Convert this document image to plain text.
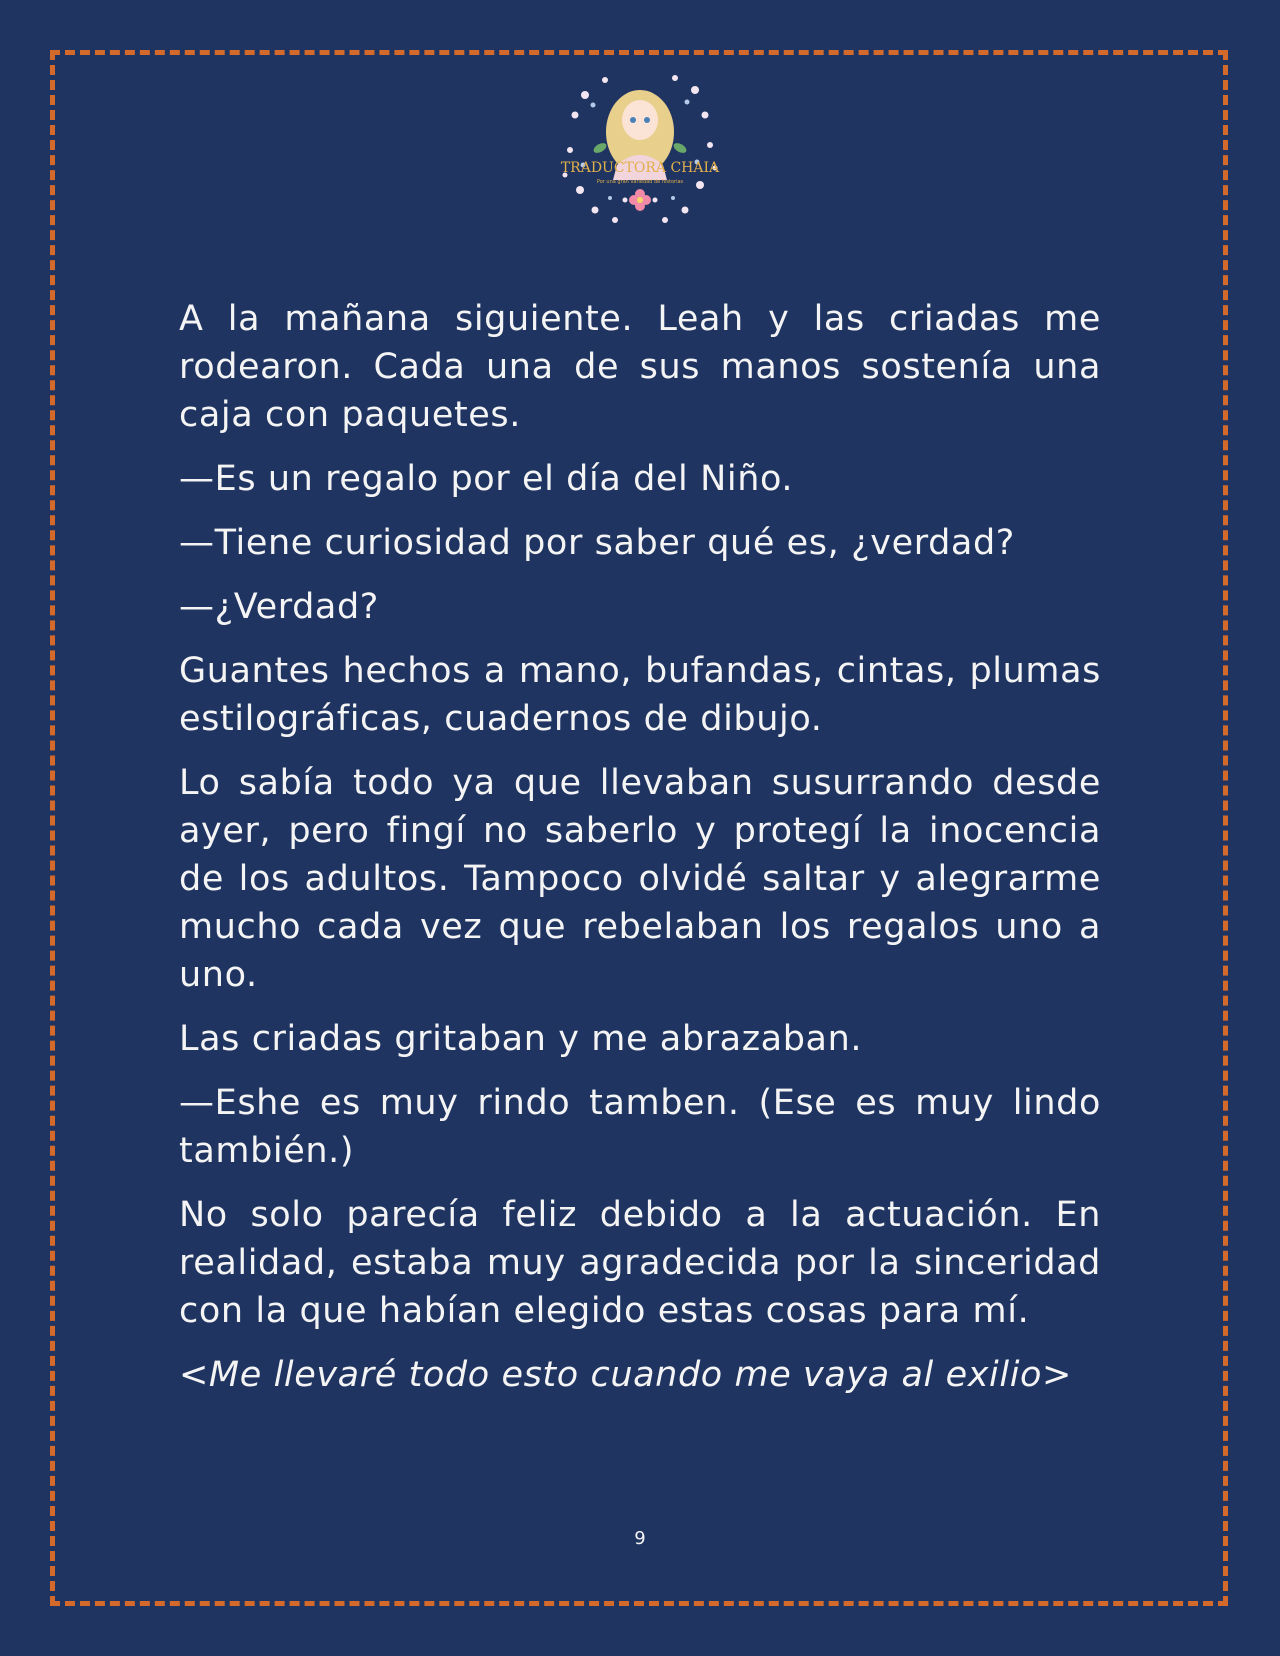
TRADUCTORA CHAIA
Por una gran variedad de historias

A la mañana siguiente. Leah y las criadas me rodearon. Cada una de sus manos sostenía una caja con paquetes.

—Es un regalo por el día del Niño.

—Tiene curiosidad por saber qué es, ¿verdad?

—¿Verdad?

Guantes hechos a mano, bufandas, cintas, plumas estilográficas, cuadernos de dibujo.

Lo sabía todo ya que llevaban susurrando desde ayer, pero fingí no saberlo y protegí la inocencia de los adultos. Tampoco olvidé saltar y alegrarme mucho cada vez que rebelaban los regalos uno a uno.

Las criadas gritaban y me abrazaban.

—Eshe es muy rindo tamben. (Ese es muy lindo también.)

No solo parecía feliz debido a la actuación. En realidad, estaba muy agradecida por la sinceridad con la que habían elegido estas cosas para mí.

<Me llevaré todo esto cuando me vaya al exilio>

9
